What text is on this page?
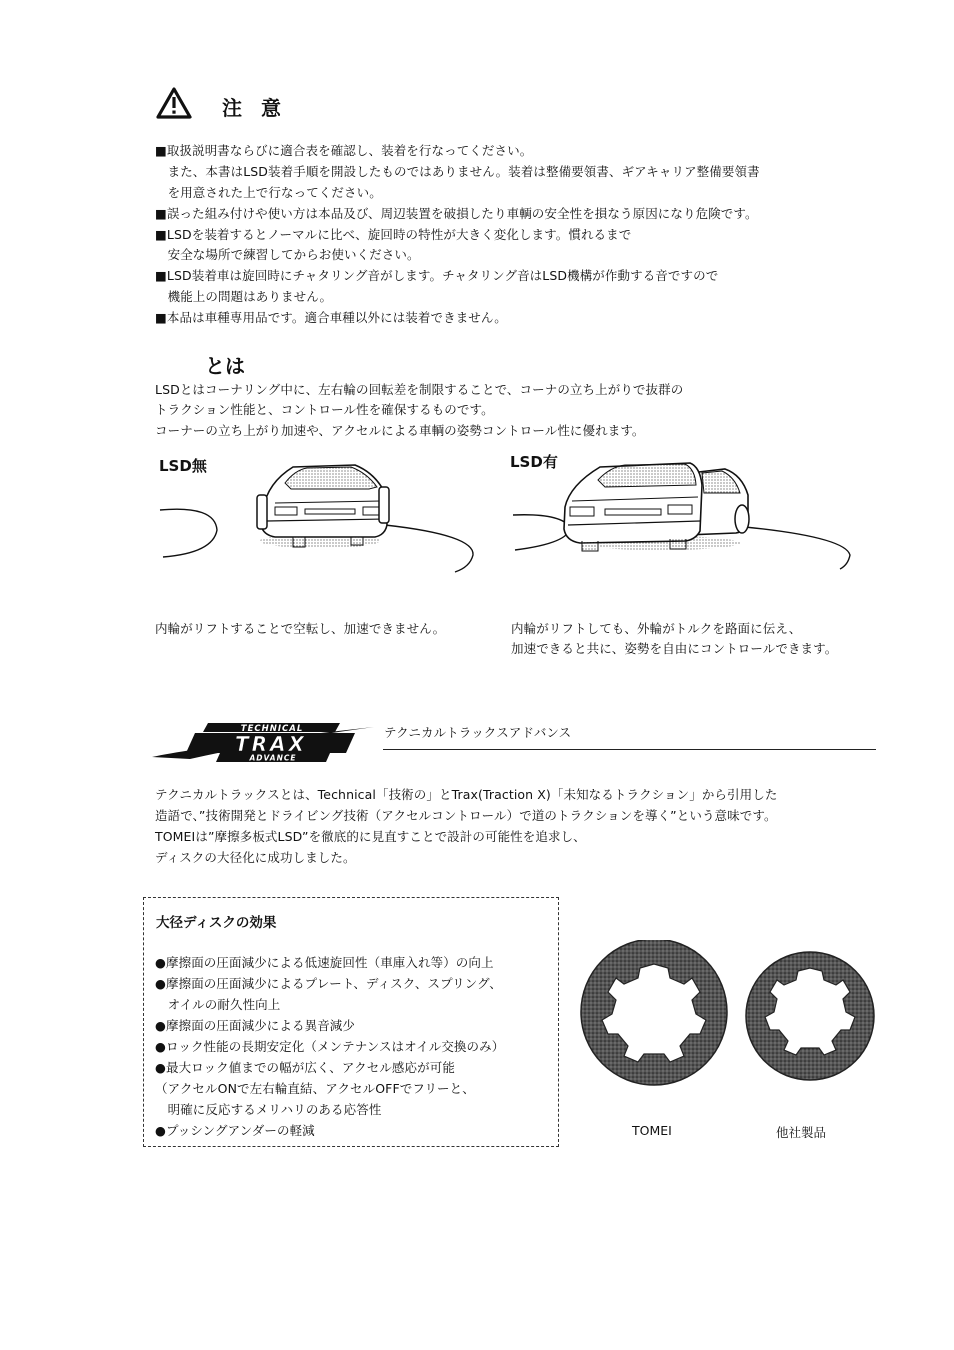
注 意
■取扱説明書ならびに適合表を確認し、装着を行なってください。
　また、本書はLSD装着手順を開設したものではありません。装着は整備要領書、ギアキャリア整備要領書
　を用意された上で行なってください。
■誤った組み付けや使い方は本品及び、周辺装置を破損したり車輌の安全性を損なう原因になり危険です。
■LSDを装着するとノーマルに比べ、旋回時の特性が大きく変化します。慣れるまで
　安全な場所で練習してからお使いください。
■LSD装着車は旋回時にチャタリング音がします。チャタリング音はLSD機構が作動する音ですので
　機能上の問題はありません。
■本品は車種専用品です。適合車種以外には装着できません。
とは
LSDとはコーナリング中に、左右輪の回転差を制限することで、コーナの立ち上がりで抜群の
トラクション性能と、コントロール性を確保するものです。
コーナーの立ち上がり加速や、アクセルによる車輌の姿勢コントロール性に優れます。
LSD無	LSD有
内輪がリフトすることで空転し、加速できません。	内輪がリフトしても、外輪がトルクを路面に伝え、
加速できると共に、姿勢を自由にコントロールできます。
TECHNICAL
TRAX
ADVANCE
テクニカルトラックスアドバンス
テクニカルトラックスとは、Technical「技術の」とTrax(Traction X)「未知なるトラクション」から引用した
造語で、”技術開発とドライビング技術（アクセルコントロール）で道のトラクションを導く”という意味です。
TOMEIは”摩擦多板式LSD”を徹底的に見直すことで設計の可能性を追求し、
ディスクの大径化に成功しました。
大径ディスクの効果
●摩擦面の圧面減少による低速旋回性（車庫入れ等）の向上
●摩擦面の圧面減少によるプレート、ディスク、スプリング、
　オイルの耐久性向上
●摩擦面の圧面減少による異音減少
●ロック性能の長期安定化（メンテナンスはオイル交換のみ）
●最大ロック値までの幅が広く、アクセル感応が可能
（アクセルONで左右輪直結、アクセルOFFでフリーと、
　明確に反応するメリハリのある応答性
●プッシングアンダーの軽減	TOMEI	他社製品
